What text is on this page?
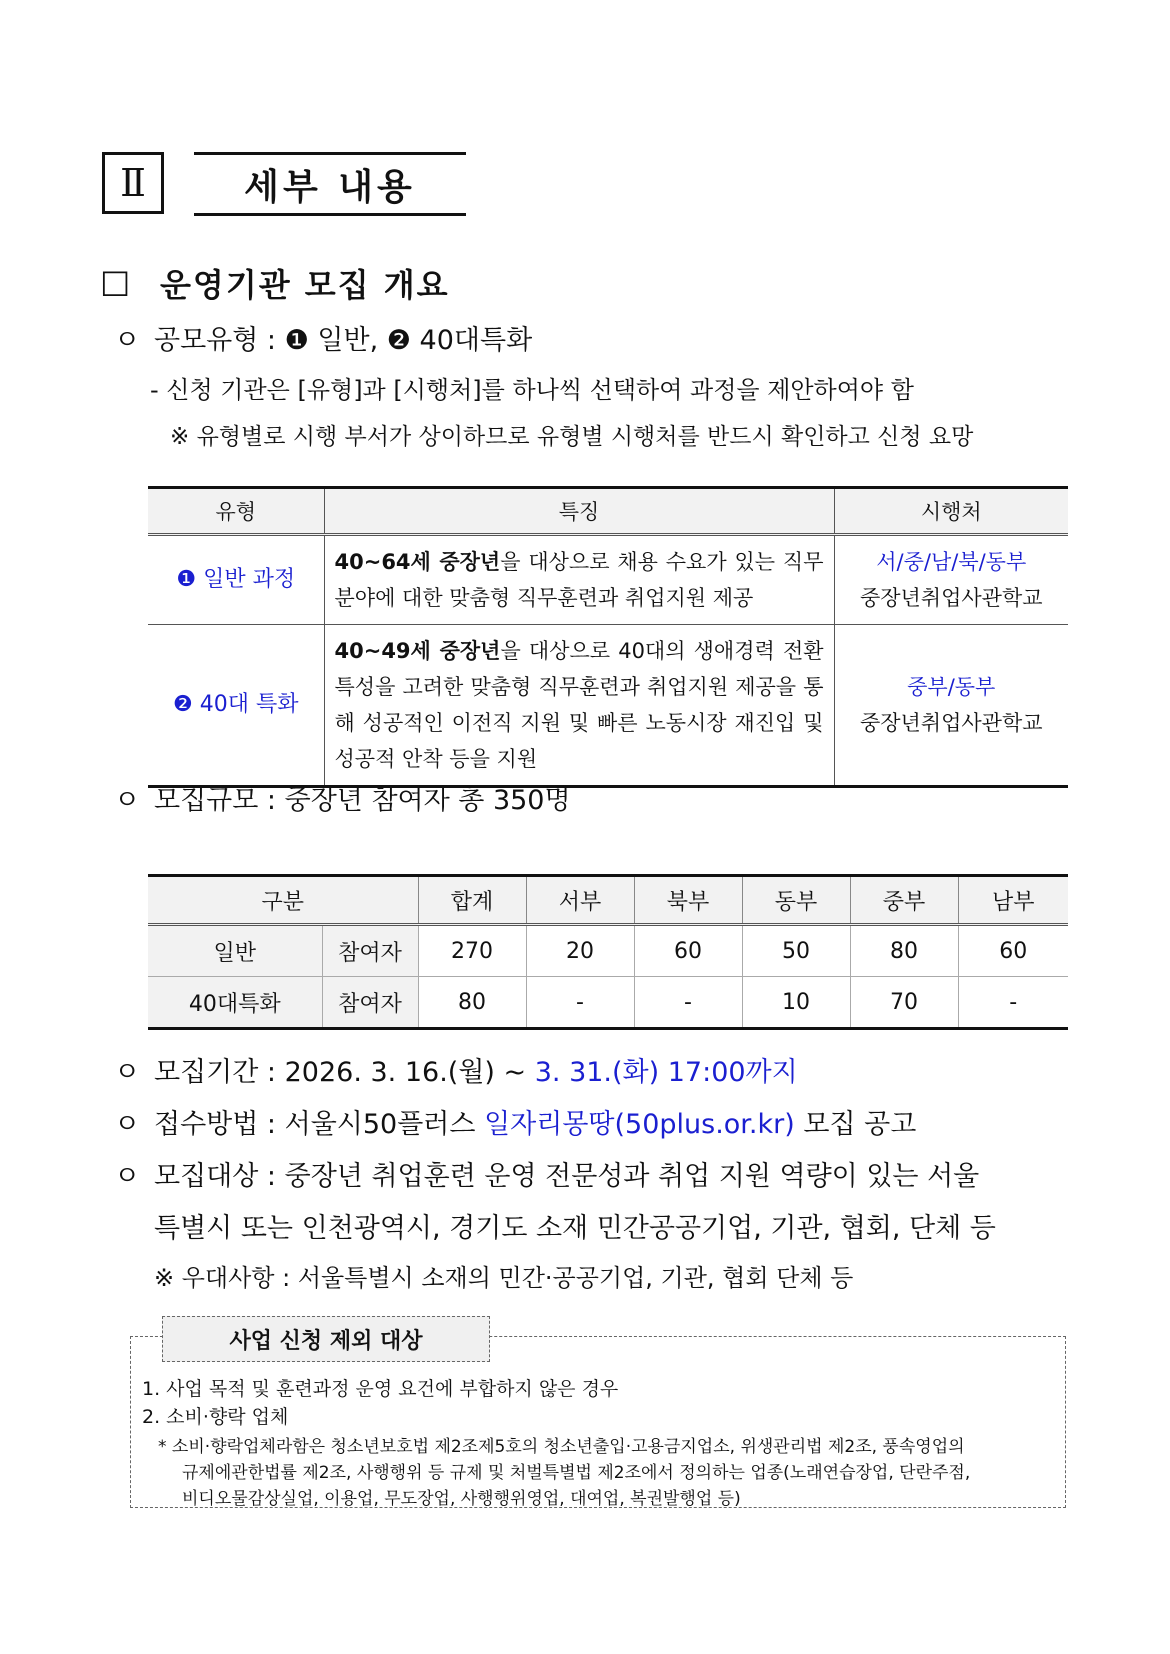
Ⅱ	세부 내용
□ 운영기관 모집 개요
ㅇ 공모유형 : ❶ 일반, ❷ 40대특화
- 신청 기관은 [유형]과 [시행처]를 하나씩 선택하여 과정을 제안하여야 함
※ 유형별로 시행 부서가 상이하므로 유형별 시행처를 반드시 확인하고 신청 요망
유형	특징	시행처
❶ 일반 과정	40~64세 중장년을 대상으로 채용 수요가 있는 직무 분야에 대한 맞춤형 직무훈련과 취업지원 제공	서/중/남/북/동부
중장년취업사관학교

❷ 40대 특화	40~49세 중장년을 대상으로 40대의 생애경력 전환 특성을 고려한 맞춤형 직무훈련과 취업지원 제공을 통해 성공적인 이전직 지원 및 빠른 노동시장 재진입 및 성공적 안착 등을 지원	중부/동부
중장년취업사관학교
ㅇ 모집규모 : 중장년 참여자 총 350명
구분		합계	서부	북부	동부	중부	남부
일반	참여자	270	20	60	50	80	60
40대특화	참여자	80	-	-	10	70	-
ㅇ 모집기간 : 2026. 3. 16.(월) ~ 3. 31.(화) 17:00까지
ㅇ 접수방법 : 서울시50플러스 일자리몽땅(50plus.or.kr) 모집 공고
ㅇ 모집대상 : 중장년 취업훈련 운영 전문성과 취업 지원 역량이 있는 서울
특별시 또는 인천광역시, 경기도 소재 민간공공기업, 기관, 협회, 단체 등
※ 우대사항 : 서울특별시 소재의 민간·공공기업, 기관, 협회 단체 등
사업 신청 제외 대상
1. 사업 목적 및 훈련과정 운영 요건에 부합하지 않은 경우
2. 소비·향락 업체
* 소비·향락업체라함은 청소년보호법 제2조제5호의 청소년출입·고용금지업소, 위생관리법 제2조, 풍속영업의
규제에관한법률 제2조, 사행행위 등 규제 및 처벌특별법 제2조에서 정의하는 업종(노래연습장업, 단란주점,
비디오물감상실업, 이용업, 무도장업, 사행행위영업, 대여업, 복권발행업 등)
